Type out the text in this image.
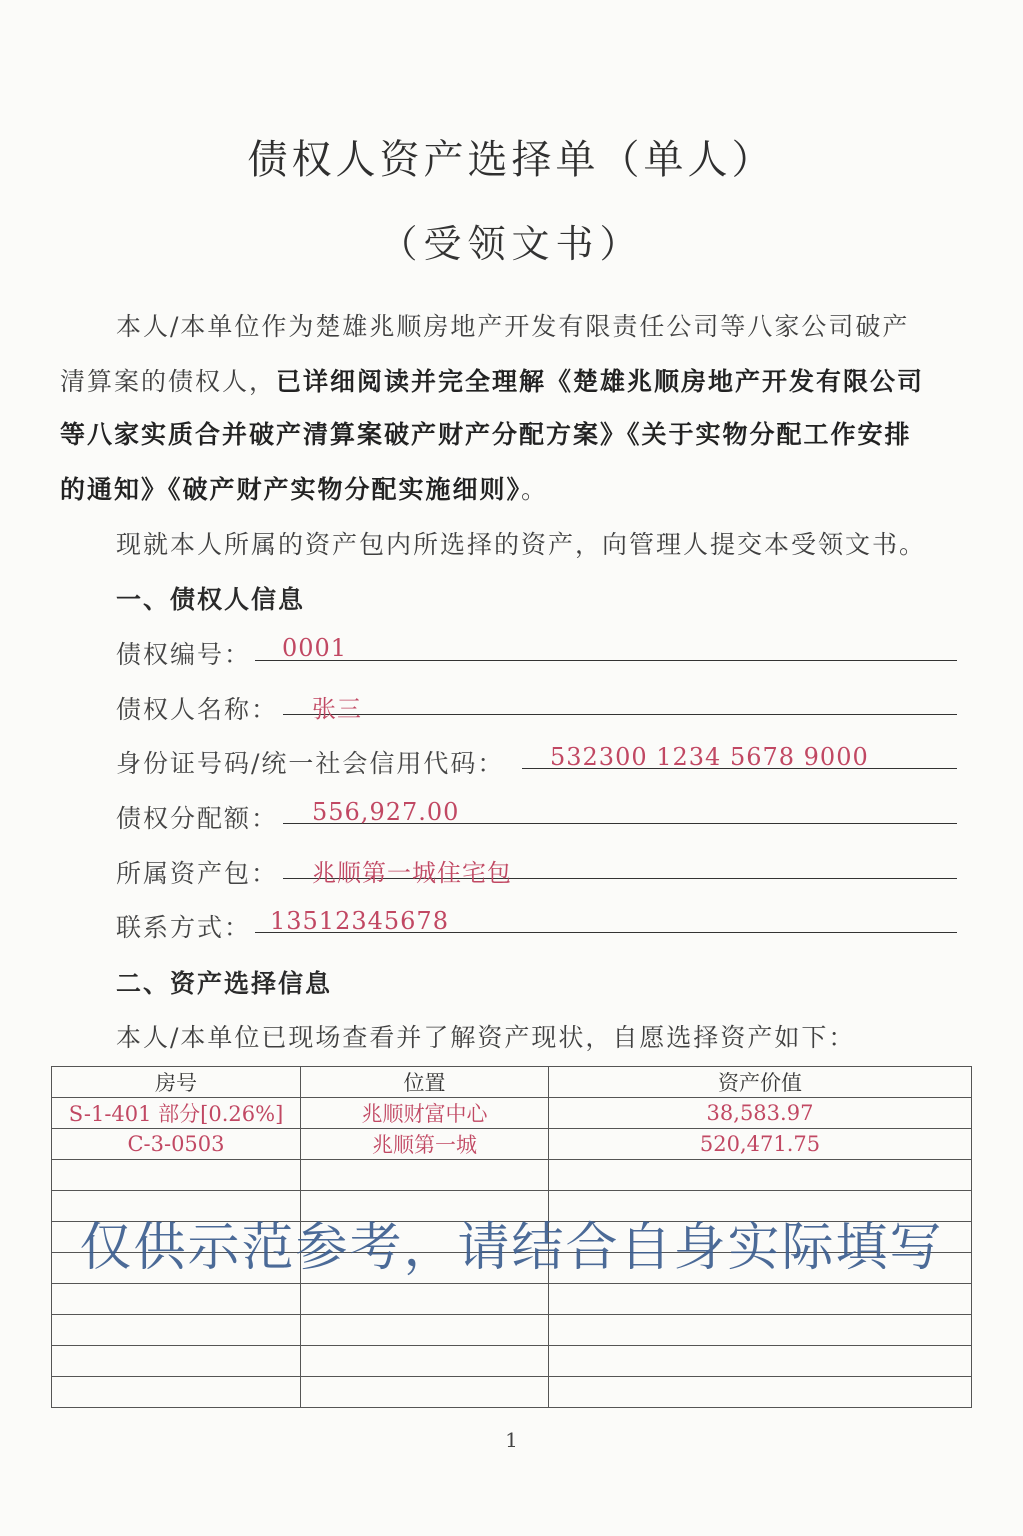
债权人资产选择单（单人）
（受领文书）
本人/本单位作为楚雄兆顺房地产开发有限责任公司等八家公司破产
清算案的债权人，已详细阅读并完全理解《楚雄兆顺房地产开发有限公司
等八家实质合并破产清算案破产财产分配方案》《关于实物分配工作安排
的通知》《破产财产实物分配实施细则》。
现就本人所属的资产包内所选择的资产，向管理人提交本受领文书。
一、债权人信息
债权编号： 0001
债权人名称： 张三
身份证号码/统一社会信用代码： 532300 1234 5678 9000
债权分配额： 556,927.00
所属资产包： 兆顺第一城住宅包
联系方式： 13512345678
二、资产选择信息
本人/本单位已现场查看并了解资产现状，自愿选择资产如下：
房号	位置	资产价值
S-1-401 部分[0.26%]	兆顺财富中心	38,583.97
C-3-0503	兆顺第一城	520,471.75

仅供示范参考，请结合自身实际填写
1
